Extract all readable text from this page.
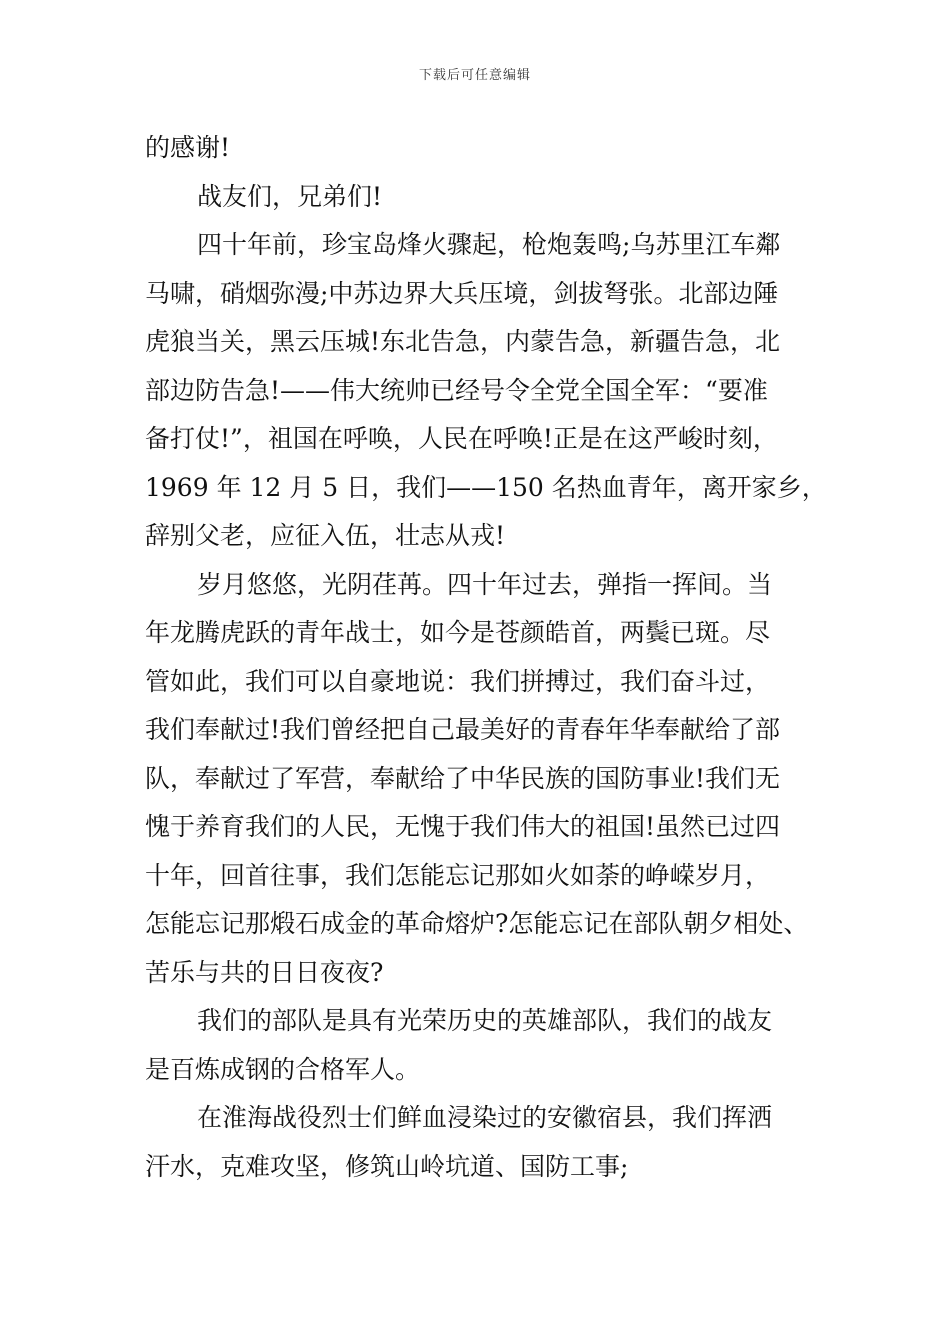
下载后可任意编辑

的感谢!

战友们，兄弟们!

四十年前，珍宝岛烽火骤起，枪炮轰鸣;乌苏里江车鄰
马啸，硝烟弥漫;中苏边界大兵压境，剑拔弩张。北部边陲
虎狼当关，黑云压城!东北告急，内蒙告急，新疆告急，北
部边防告急!——伟大统帅已经号令全党全国全军：“要准
备打仗!”，祖国在呼唤，人民在呼唤!正是在这严峻时刻，
1969 年 12 月 5 日，我们——150 名热血青年，离开家乡，
辞别父老，应征入伍，壮志从戎!

岁月悠悠，光阴荏苒。四十年过去，弹指一挥间。当
年龙腾虎跃的青年战士，如今是苍颜皓首，两鬓已斑。尽
管如此，我们可以自豪地说：我们拼搏过，我们奋斗过，
我们奉献过!我们曾经把自己最美好的青春年华奉献给了部
队，奉献过了军营，奉献给了中华民族的国防事业!我们无
愧于养育我们的人民，无愧于我们伟大的祖国!虽然已过四
十年，回首往事，我们怎能忘记那如火如荼的峥嵘岁月，
怎能忘记那煅石成金的革命熔炉?怎能忘记在部队朝夕相处、
苦乐与共的日日夜夜?

我们的部队是具有光荣历史的英雄部队，我们的战友
是百炼成钢的合格军人。

在淮海战役烈士们鲜血浸染过的安徽宿县，我们挥洒
汗水，克难攻坚，修筑山岭坑道、国防工事;
